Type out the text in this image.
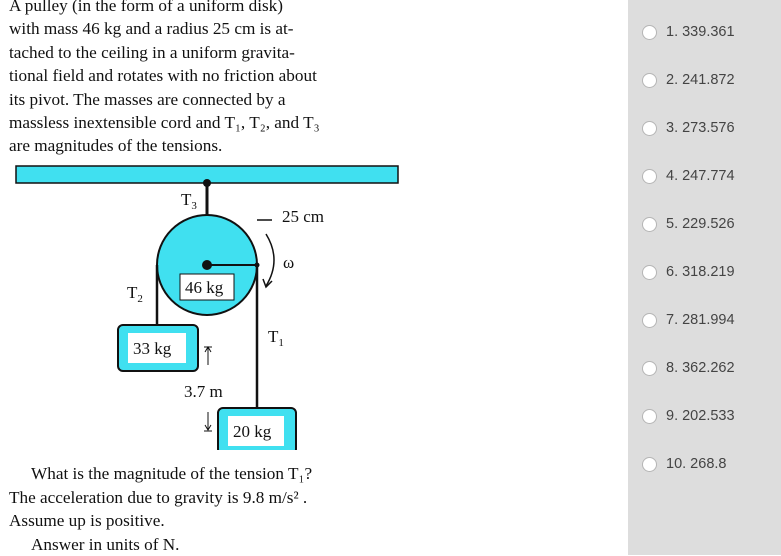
A pulley (in the form of a uniform disk)
with mass 46 kg and a radius 25 cm is at-
tached to the ceiling in a uniform gravita-
tional field and rotates with no friction about
its pivot. The masses are connected by a
massless inextensible cord and T₁, T₂, and T₃
are magnitudes of the tensions.
25 cm
ω
$T_3$
46 kg
$T_2$
33 kg
$T_1$
3.7 m
20 kg
What is the magnitude of the tension T₁?
The acceleration due to gravity is 9.8 m/s² .
Assume up is positive.
Answer in units of N.
1. 339.361
2. 241.872
3. 273.576
4. 247.774
5. 229.526
6. 318.219
7. 281.994
8. 362.262
9. 202.533
10. 268.8
